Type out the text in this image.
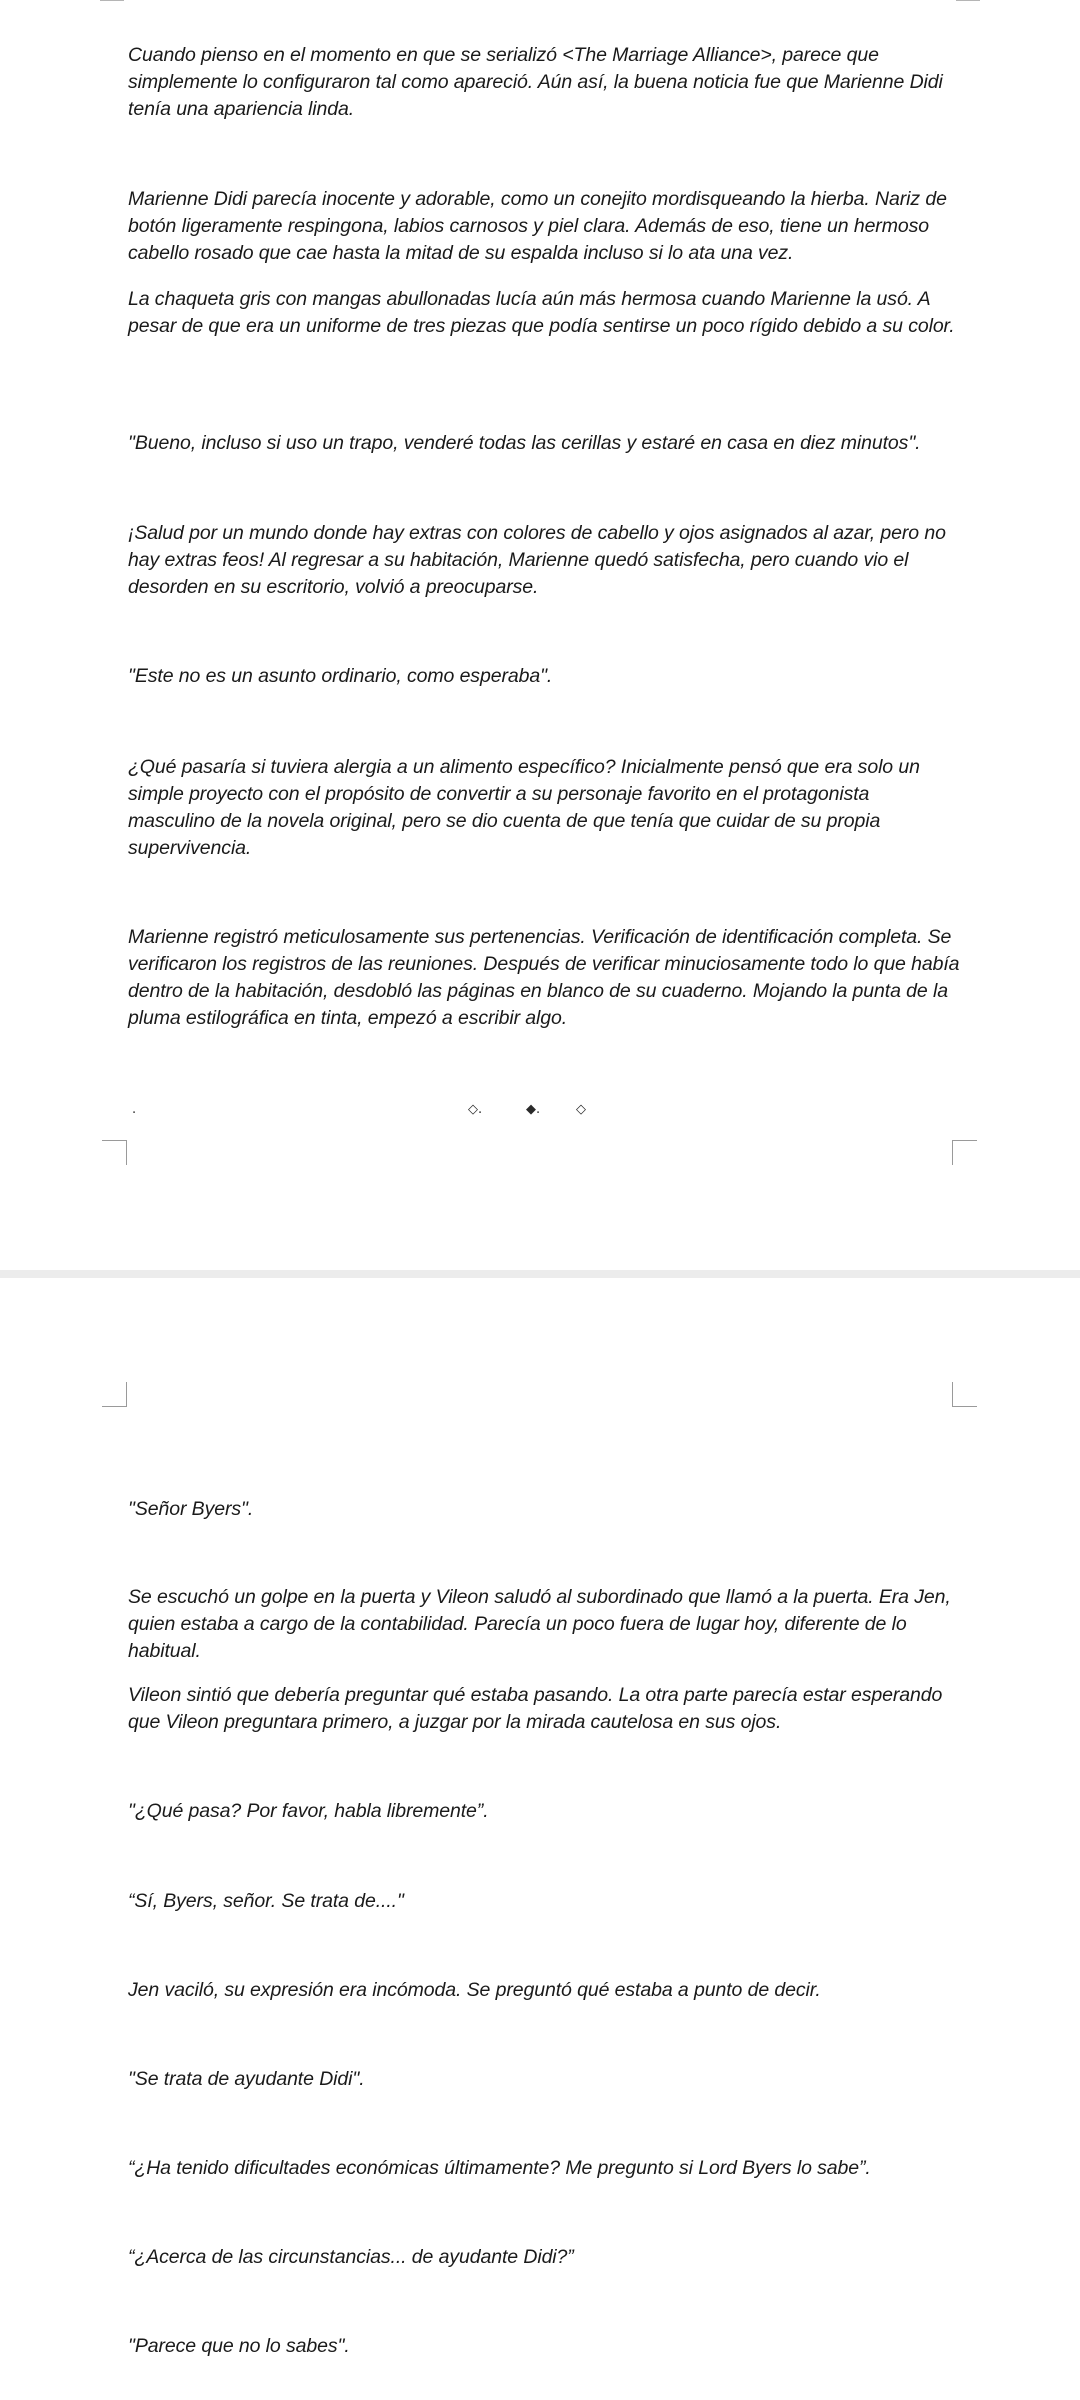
Cuando pienso en el momento en que se serializó <The Marriage Alliance>, parece que simplemente lo configuraron tal como apareció. Aún así, la buena noticia fue que Marienne Didi tenía una apariencia linda.

Marienne Didi parecía inocente y adorable, como un conejito mordisqueando la hierba. Nariz de botón ligeramente respingona, labios carnosos y piel clara. Además de eso, tiene un hermoso cabello rosado que cae hasta la mitad de su espalda incluso si lo ata una vez.

La chaqueta gris con mangas abullonadas lucía aún más hermosa cuando Marienne la usó. A pesar de que era un uniforme de tres piezas que podía sentirse un poco rígido debido a su color.

"Bueno, incluso si uso un trapo, venderé todas las cerillas y estaré en casa en diez minutos".

¡Salud por un mundo donde hay extras con colores de cabello y ojos asignados al azar, pero no hay extras feos! Al regresar a su habitación, Marienne quedó satisfecha, pero cuando vio el desorden en su escritorio, volvió a preocuparse.

"Este no es un asunto ordinario, como esperaba".

¿Qué pasaría si tuviera alergia a un alimento específico? Inicialmente pensó que era solo un simple proyecto con el propósito de convertir a su personaje favorito en el protagonista masculino de la novela original, pero se dio cuenta de que tenía que cuidar de su propia supervivencia.

Marienne registró meticulosamente sus pertenencias. Verificación de identificación completa. Se verificaron los registros de las reuniones. Después de verificar minuciosamente todo lo que había dentro de la habitación, desdobló las páginas en blanco de su cuaderno. Mojando la punta de la pluma estilográfica en tinta, empezó a escribir algo.

.	◇.	◆.	◇

"Señor Byers".

Se escuchó un golpe en la puerta y Vileon saludó al subordinado que llamó a la puerta. Era Jen, quien estaba a cargo de la contabilidad. Parecía un poco fuera de lugar hoy, diferente de lo habitual.

Vileon sintió que debería preguntar qué estaba pasando. La otra parte parecía estar esperando que Vileon preguntara primero, a juzgar por la mirada cautelosa en sus ojos.

"¿Qué pasa? Por favor, habla libremente”.

“Sí, Byers, señor. Se trata de...."

Jen vaciló, su expresión era incómoda. Se preguntó qué estaba a punto de decir.

"Se trata de ayudante Didi".

“¿Ha tenido dificultades económicas últimamente? Me pregunto si Lord Byers lo sabe”.

“¿Acerca de las circunstancias... de ayudante Didi?”

"Parece que no lo sabes".
